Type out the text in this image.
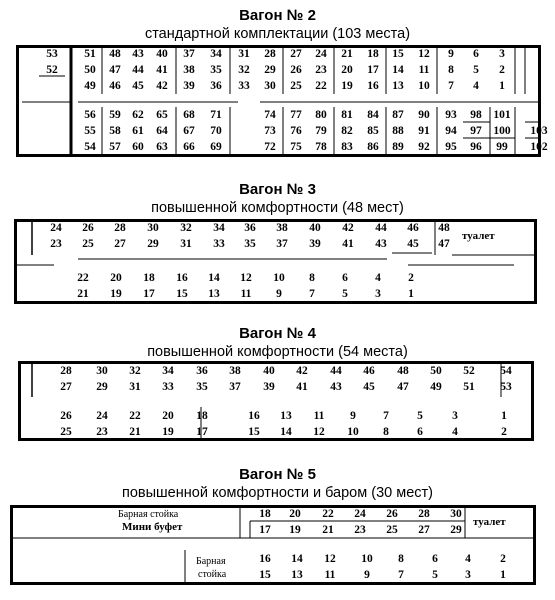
Вагон № 2
стандартной комплектации (103 места)
53	51	48	43	40	37	34	31	28	27	24	21	18	15	12	9	6	3
52	50	47	44	41	38	35	32	29	26	23	20	17	14	11	8	5	2
49	46	45	42	39	36	33	30	25	22	19	16	13	10	7	4	1
56	59	62	65	68	71	74	77	80	81	84	87	90	93	98	101
55	58	61	64	67	70	73	76	79	82	85	88	91	94	97	100 103
54	57	60	63	66	69	72	75	78	83	86	89	92	95	96	99	102
Вагон № 3
повышенной комфортности (48 мест)
туалет
24	26	28	30	32	34	36	38	40	42	44	46	48
23	25	27	29	31	33	35	37	39	41	43	45	47
22	20	18	16	14	12	10	8	6	4	2
21	19	17	15	13	11	9	7	5	3	1
Вагон № 4
повышенной комфортности (54 места)
28	30	32	34	36	38	40	42	44	46	48	50	52	54
27	29	31	33	35	37	39	41	43	45	47	49	51	53
26	24	22	20	18	16	13	11	9	7	5	3	1
25	23	21	19	17	15	14	12	10	8	6	4	2
Вагон № 5
повышенной комфортности и баром (30 мест)
Барная стойка
Мини буфет	туалет
Барная
стойка
18	20	22	24	26	28	30
17	19	21	23	25	27	29
16	14	12	10	8	6	4	2
15	13	11	9	7	5	3	1
